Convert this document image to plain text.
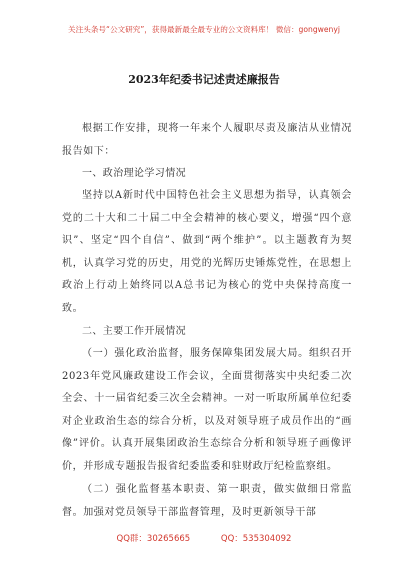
关注头条号“公文研究”，获得最新最全最专业的公文资料库！ 微信：gongwenyj
2023年纪委书记述责述廉报告

根据工作安排，现将一年来个人履职尽责及廉洁从业情况报告如下：

一、政治理论学习情况

坚持以A新时代中国特色社会主义思想为指导，认真领会党的二十大和二十届二中全会精神的核心要义，增强“四个意识”、坚定“四个自信”、做到“两个维护”。以主题教育为契机，认真学习党的历史，用党的光辉历史锤炼党性，在思想上政治上行动上始终同以A总书记为核心的党中央保持高度一致。

二、主要工作开展情况

（一）强化政治监督，服务保障集团发展大局。组织召开2023年党风廉政建设工作会议，全面贯彻落实中央纪委二次全会、十一届省纪委三次全会精神。一对一听取所属单位纪委对企业政治生态的综合分析，以及对领导班子成员作出的“画像”评价。认真开展集团政治生态综合分析和领导班子画像评价，并形成专题报告报省纪委监委和驻财政厅纪检监察组。

（二）强化监督基本职责、第一职责，做实做细日常监督。加强对党员领导干部监督管理，及时更新领导干部

QQ群：30265665	QQ：535304092
